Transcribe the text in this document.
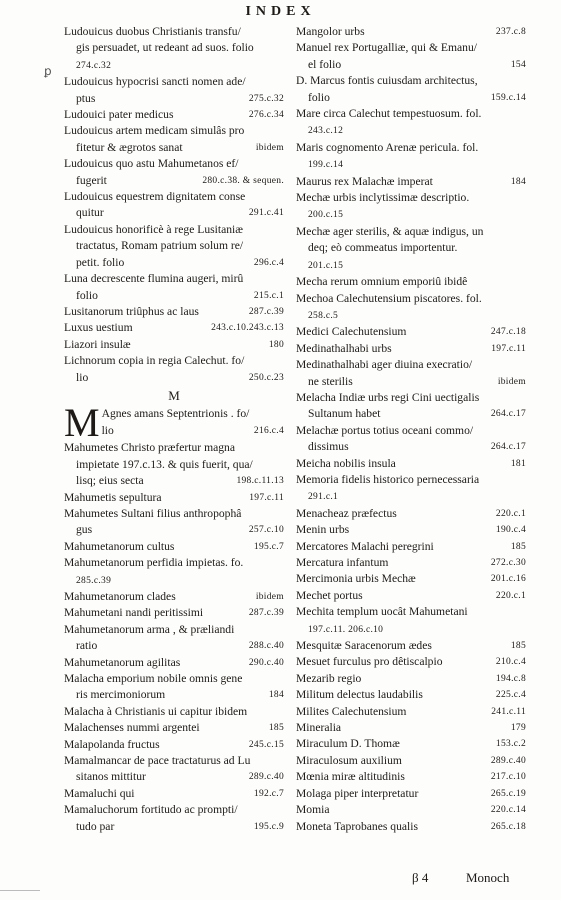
INDEX
ꝑ
Ludouicus duobus Christianis transfu/
gis persuadet, ut redeant ad suos. folio
274.c.32
Ludouicus hypocrisi sancti nomen ade/
ptus	275.c.32
Ludouici pater medicus	276.c.34
Ludouicus artem medicam simulâs pro
fitetur & ægrotos sanat	ibidem
Ludouicus quo astu Mahumetanos ef/
fugerit	280.c.38. & sequen.
Ludouicus equestrem dignitatem conse
quitur	291.c.41
Ludouicus honorificè à rege Lusitaniæ
tractatus, Romam patrium solum re/
petit. folio	296.c.4
Luna decrescente flumina augeri, mirû
folio	215.c.1
Lusitanorum triûphus ac laus	287.c.39
Luxus uestium	243.c.10.243.c.13
Liazori insulæ	180
Lichnorum copia in regia Calechut. fo/
lio	250.c.23
M
M Agnes amans Septentrionis . fo/
lio	216.c.4
Mahumetes Christo præfertur magna
impietate 197.c.13. & quis fuerit, qua/
lisq; eius secta	198.c.11.13
Mahumetis sepultura	197.c.11
Mahumetes Sultani filius anthropophâ
gus	257.c.10
Mahumetanorum cultus	195.c.7
Mahumetanorum perfidia impietas. fo.
285.c.39
Mahumetanorum clades	ibidem
Mahumetani nandi peritissimi	287.c.39
Mahumetanorum arma , & præliandi
ratio	288.c.40
Mahumetanorum agilitas	290.c.40
Malacha emporium nobile omnis gene
ris mercimoniorum	184
Malacha à Christianis ui capitur ibidem
Malachenses nummi argentei	185
Malapolanda fructus	245.c.15
Mamalmancar de pace tractaturus ad Lu
sitanos mittitur	289.c.40
Mamaluchi qui	192.c.7
Mamaluchorum fortitudo ac prompti/
tudo par	195.c.9
Mangolor urbs	237.c.8
Manuel rex Portugalliæ, qui & Emanu/
el folio	154
D. Marcus fontis cuiusdam architectus,
folio	159.c.14
Mare circa Calechut tempestuosum. fol.
243.c.12
Maris cognomento Arenæ pericula. fol.
199.c.14
Maurus rex Malachæ imperat	184
Mechæ urbis inclytissimæ descriptio.
200.c.15
Mechæ ager sterilis, & aquæ indigus, un
deq; eò commeatus importentur.
201.c.15
Mecha rerum omnium emporiû ibidê
Mechoa Calechutensium piscatores. fol.
258.c.5
Medici Calechutensium	247.c.18
Medinathalhabi urbs	197.c.11
Medinathalhabi ager diuina execratio/
ne sterilis	ibidem
Melacha Indiæ urbs regi Cini uectigalis
Sultanum habet	264.c.17
Melachæ portus totius oceani commo/
dissimus	264.c.17
Meicha nobilis insula	181
Memoria fidelis historico pernecessaria
291.c.1
Menacheaz præfectus	220.c.1
Menin urbs	190.c.4
Mercatores Malachi peregrini	185
Mercatura infantum	272.c.30
Mercimonia urbis Mechæ	201.c.16
Mechet portus	220.c.1
Mechita templum uocât Mahumetani
197.c.11. 206.c.10
Mesquitæ Saracenorum ædes	185
Mesuet furculus pro dêtiscalpio	210.c.4
Mezarib regio	194.c.8
Militum delectus laudabilis	225.c.4
Milites Calechutensium	241.c.11
Mineralia	179
Miraculum D. Thomæ	153.c.2
Miraculosum auxilium	289.c.40
Mœnia miræ altitudinis	217.c.10
Molaga piper interpretatur	265.c.19
Momia	220.c.14
Moneta Taprobanes qualis	265.c.18
β 4	Monoch
